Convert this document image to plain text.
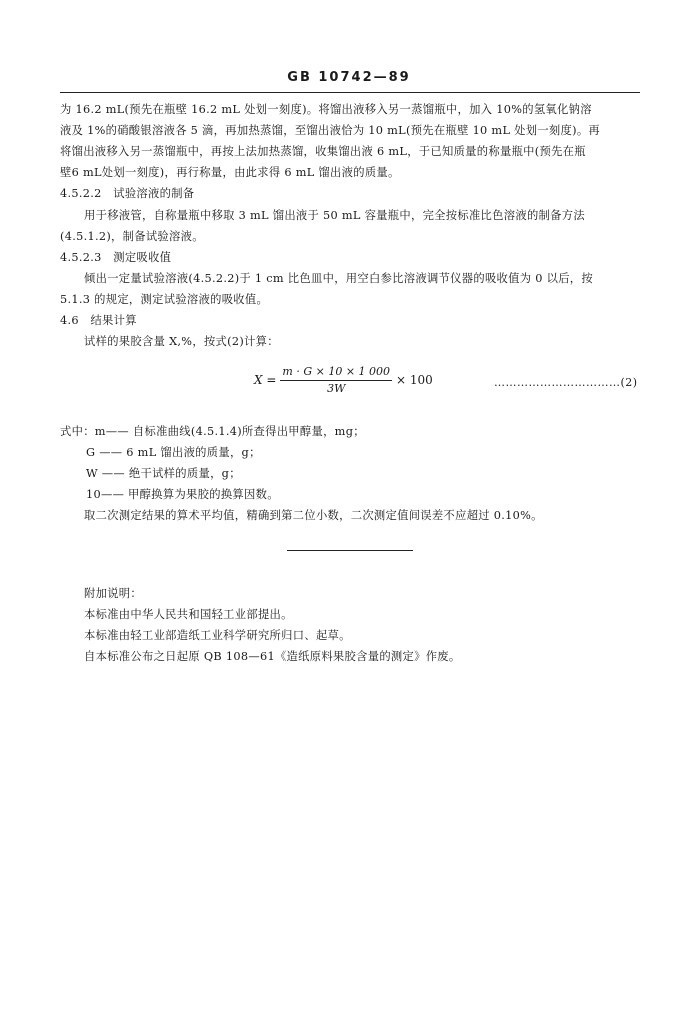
GB 10742—89
为 16.2 mL(预先在瓶壁 16.2 mL 处划一刻度)。将馏出液移入另一蒸馏瓶中，加入 10%的氢氧化钠溶
液及 1%的硝酸银溶液各 5 滴，再加热蒸馏，至馏出液恰为 10 mL(预先在瓶壁 10 mL 处划一刻度)。再
将馏出液移入另一蒸馏瓶中，再按上法加热蒸馏，收集馏出液 6 mL，于已知质量的称量瓶中(预先在瓶
壁6 mL处划一刻度)，再行称量，由此求得 6 mL 馏出液的质量。
4.5.2.2　试验溶液的制备
用于移液管，自称量瓶中移取 3 mL 馏出液于 50 mL 容量瓶中，完全按标准比色溶液的制备方法
(4.5.1.2)，制备试验溶液。
4.5.2.3　测定吸收值
倾出一定量试验溶液(4.5.2.2)于 1 cm 比色皿中，用空白参比溶液调节仪器的吸收值为 0 以后，按
5.1.3 的规定，测定试验溶液的吸收值。
4.6　结果计算
试样的果胶含量 X,%，按式(2)计算：
$X = \frac{m \cdot G \times 10 \times 1 000}{3W} \times 100$	……………………………(2)
式中：m—— 自标准曲线(4.5.1.4)所查得出甲醇量，mg；
G —— 6 mL 馏出液的质量，g；
W —— 绝干试样的质量，g；
10—— 甲醇换算为果胶的换算因数。
取二次测定结果的算术平均值，精确到第二位小数，二次测定值间误差不应超过 0.10%。
附加说明：
本标准由中华人民共和国轻工业部提出。
本标准由轻工业部造纸工业科学研究所归口、起草。
自本标准公布之日起原 QB 108—61《造纸原料果胶含量的测定》作废。
